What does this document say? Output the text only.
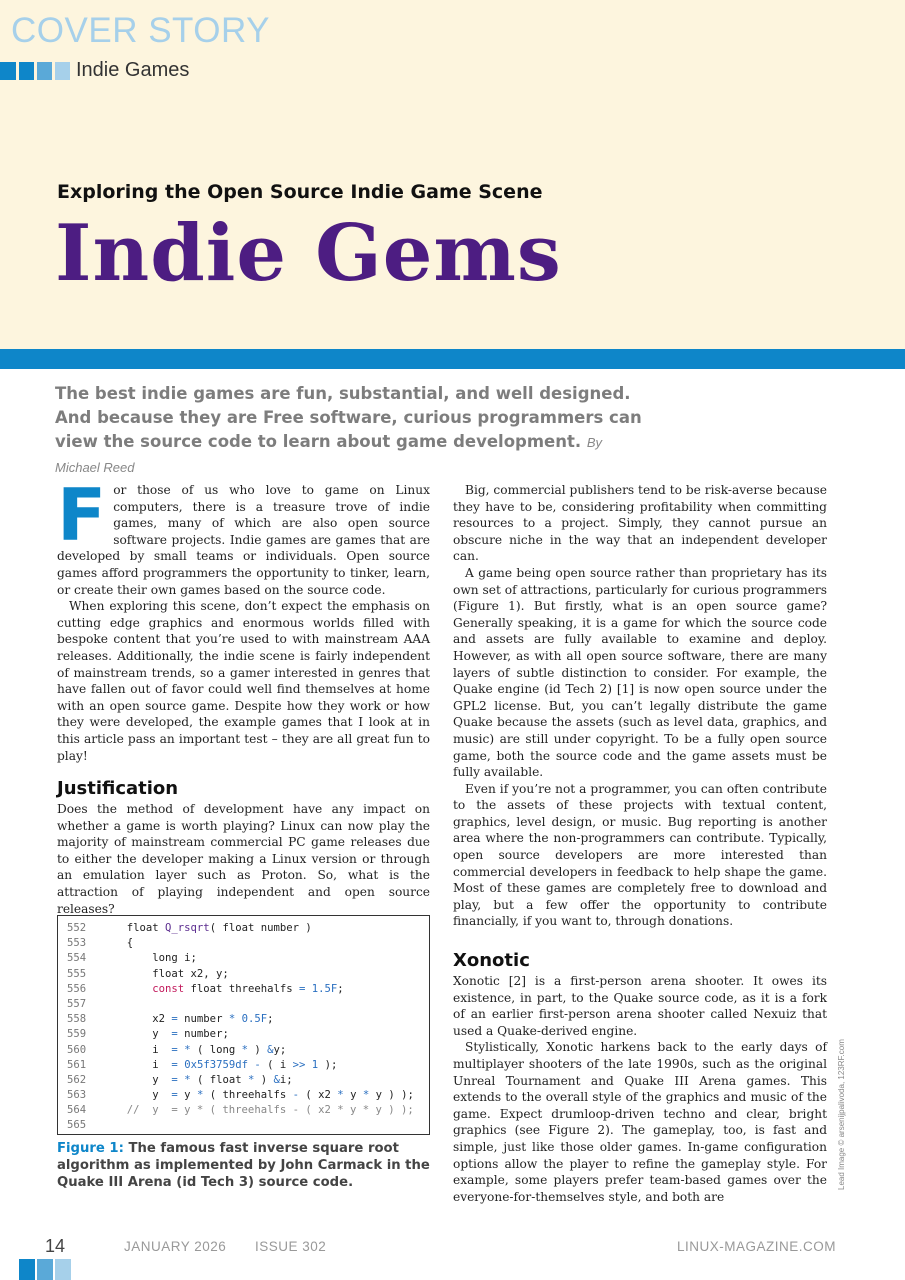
COVER STORY
Indie Games
Exploring the Open Source Indie Game Scene
Indie Gems
The best indie games are fun, substantial, and well designed. And because they are Free software, curious programmers can view the source code to learn about game development. By Michael Reed

For those of us who love to game on Linux computers, there is a treasure trove of indie games, many of which are also open source software projects. Indie games are games that are developed by small teams or individuals. Open source games afford programmers the opportunity to tinker, learn, or create their own games based on the source code.

When exploring this scene, don’t expect the emphasis on cutting edge graphics and enormous worlds filled with bespoke content that you’re used to with mainstream AAA releases. Additionally, the indie scene is fairly independent of mainstream trends, so a gamer interested in genres that have fallen out of favor could well find themselves at home with an open source game. Despite how they work or how they were developed, the example games that I look at in this article pass an important test – they are all great fun to play!

Justification

Does the method of development have any impact on whether a game is worth playing? Linux can now play the majority of mainstream commercial PC game releases due to either the developer making a Linux version or through an emulation layer such as Proton. So, what is the attraction of playing independent and open source releases?

552	float Q_rsqrt( float number )
553	{
554	long i;
555	float x2, y;
556	const float threehalfs = 1.5F;
557
558	x2 = number * 0.5F;
559	y  = number;
560	i  = * ( long * ) &y;
561	i  = 0x5f3759df - ( i >> 1 );
562	y  = * ( float * ) &i;
563	y  = y * ( threehalfs - ( x2 * y * y ) );
564	//  y  = y * ( threehalfs - ( x2 * y * y ) );
565
Figure 1: The famous fast inverse square root algorithm as implemented by John Carmack in the Quake III Arena (id Tech 3) source code.

Big, commercial publishers tend to be risk-averse because they have to be, considering profitability when committing resources to a project. Simply, they cannot pursue an obscure niche in the way that an independent developer can.

A game being open source rather than proprietary has its own set of attractions, particularly for curious programmers (Figure 1). But firstly, what is an open source game? Generally speaking, it is a game for which the source code and assets are fully available to examine and deploy. However, as with all open source software, there are many layers of subtle distinction to consider. For example, the Quake engine (id Tech 2) [1] is now open source under the GPL2 license. But, you can’t legally distribute the game Quake because the assets (such as level data, graphics, and music) are still under copyright. To be a fully open source game, both the source code and the game assets must be fully available.

Even if you’re not a programmer, you can often contribute to the assets of these projects with textual content, graphics, level design, or music. Bug reporting is another area where the non-programmers can contribute. Typically, open source developers are more interested than commercial developers in feedback to help shape the game. Most of these games are completely free to download and play, but a few offer the opportunity to contribute financially, if you want to, through donations.

Xonotic

Xonotic [2] is a first-person arena shooter. It owes its existence, in part, to the Quake source code, as it is a fork of an earlier first-person arena shooter called Nexuiz that used a Quake-derived engine.

Stylistically, Xonotic harkens back to the early days of multiplayer shooters of the late 1990s, such as the original Unreal Tournament and Quake III Arena games. This extends to the overall style of the graphics and music of the game. Expect drumloop-driven techno and clear, bright graphics (see Figure 2). The gameplay, too, is fast and simple, just like those older games. In-game configuration options allow the player to refine the gameplay style. For example, some players prefer team-based games over the everyone-for-themselves style, and both are

Lead Image © arsenijpalivoda, 123RF.com
14	JANUARY 2026 ISSUE 302	LINUX-MAGAZINE.COM
